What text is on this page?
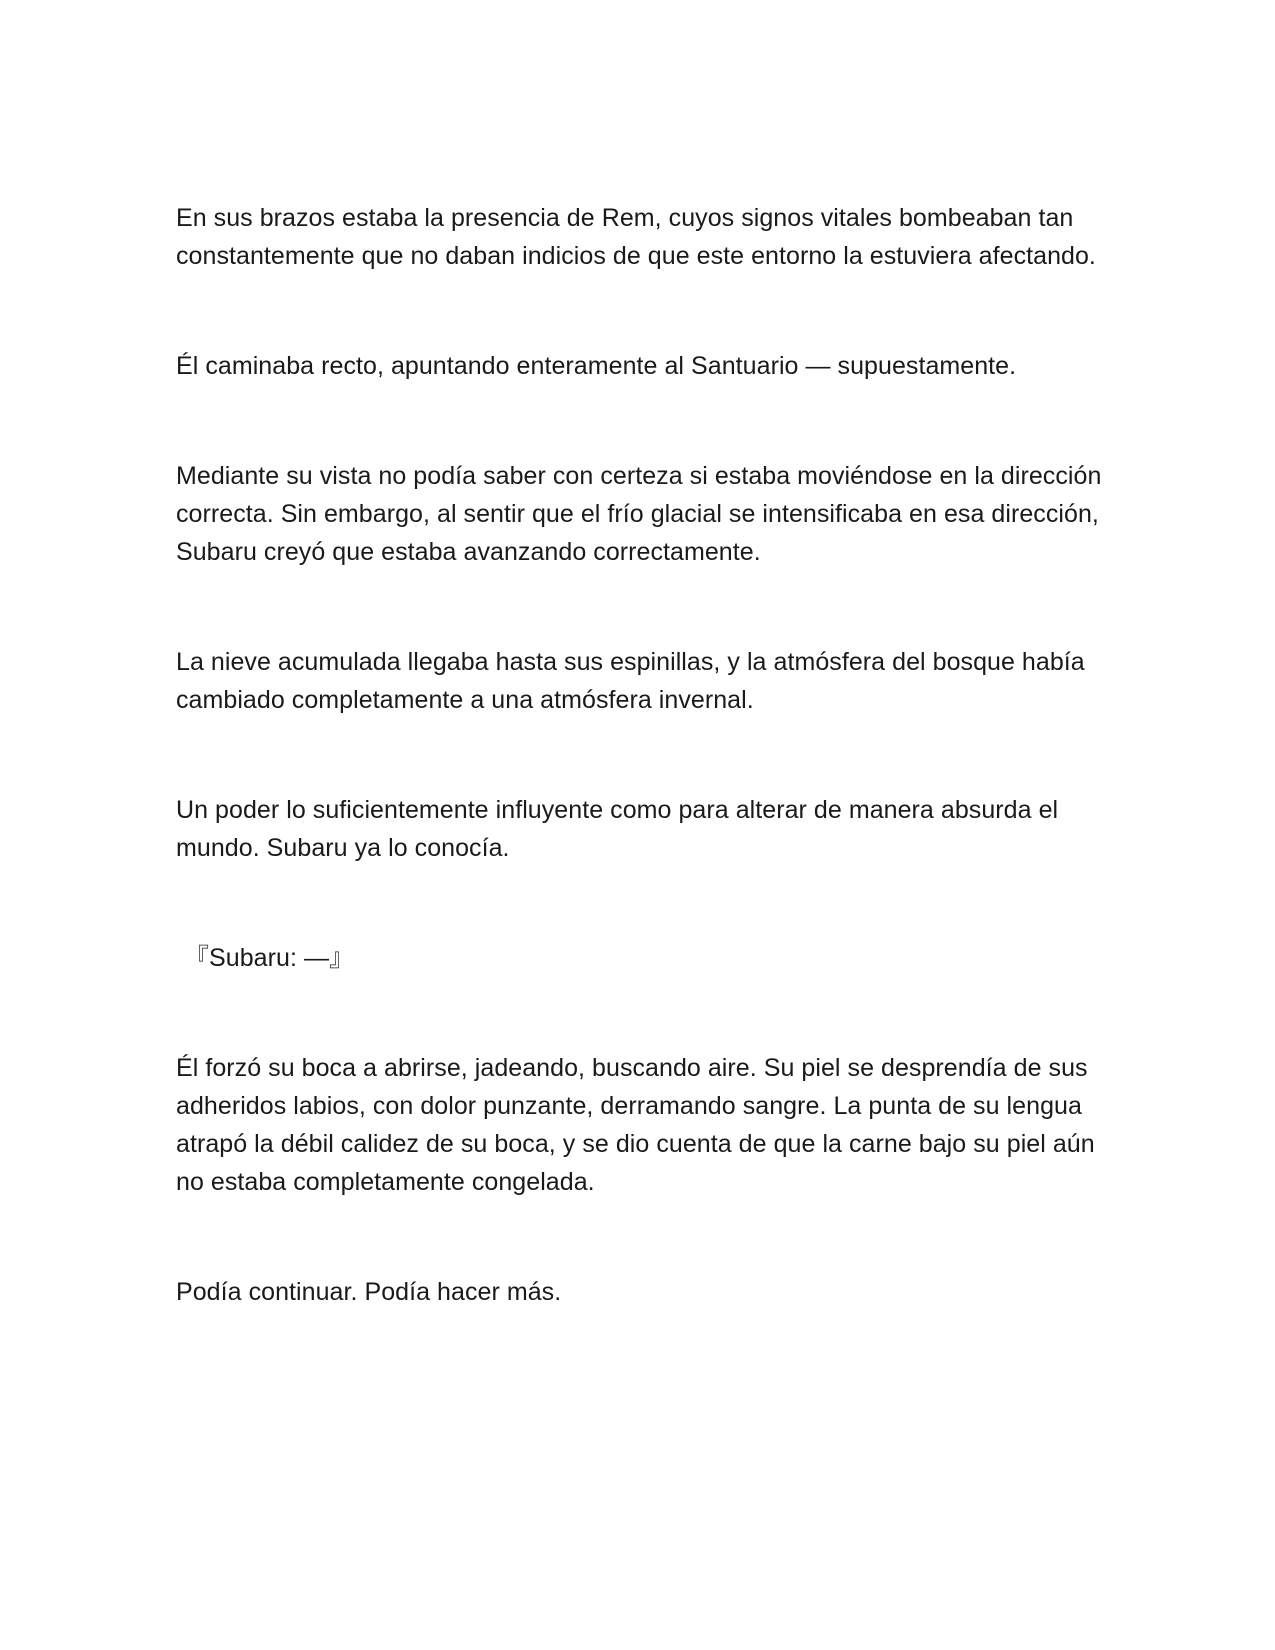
En sus brazos estaba la presencia de Rem, cuyos signos vitales bombeaban tan constantemente que no daban indicios de que este entorno la estuviera afectando.

Él caminaba recto, apuntando enteramente al Santuario — supuestamente.

Mediante su vista no podía saber con certeza si estaba moviéndose en la dirección correcta. Sin embargo, al sentir que el frío glacial se intensificaba en esa dirección, Subaru creyó que estaba avanzando correctamente.

La nieve acumulada llegaba hasta sus espinillas, y la atmósfera del bosque había cambiado completamente a una atmósfera invernal.

Un poder lo suficientemente influyente como para alterar de manera absurda el mundo. Subaru ya lo conocía.

『Subaru: —』

Él forzó su boca a abrirse, jadeando, buscando aire. Su piel se desprendía de sus adheridos labios, con dolor punzante, derramando sangre. La punta de su lengua atrapó la débil calidez de su boca, y se dio cuenta de que la carne bajo su piel aún no estaba completamente congelada.

Podía continuar. Podía hacer más.
